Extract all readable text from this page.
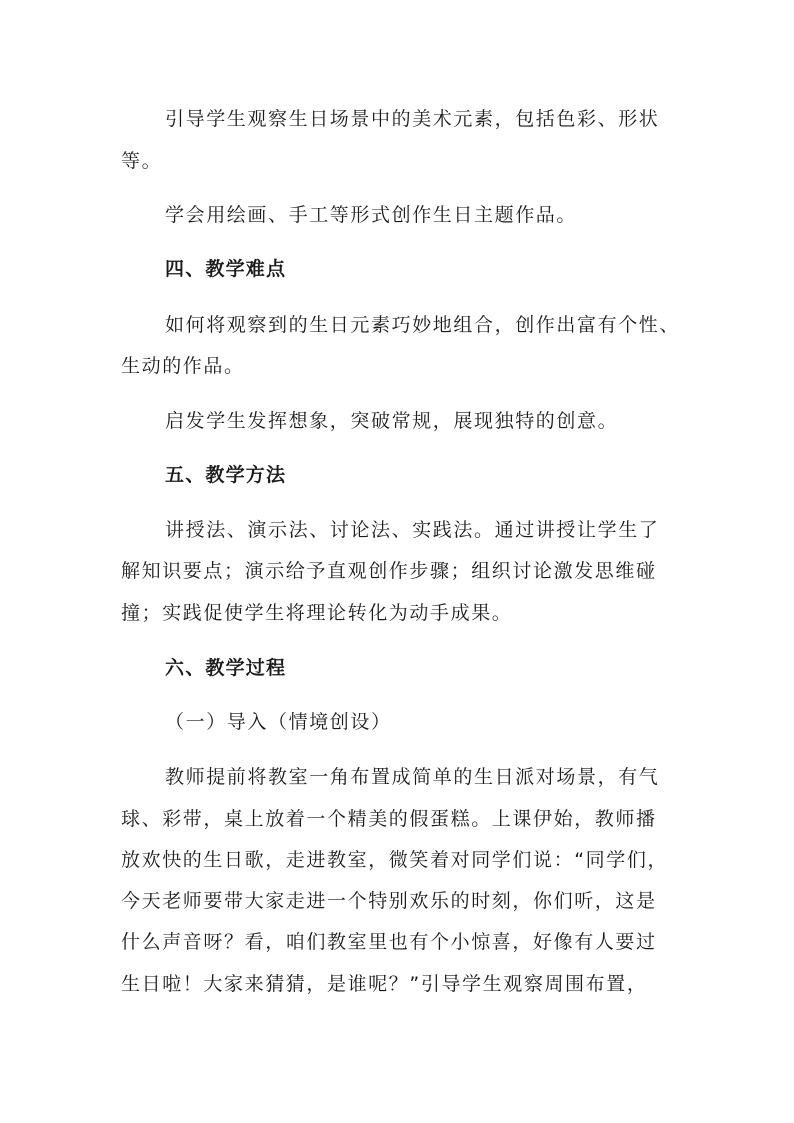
引导学生观察生日场景中的美术元素，包括色彩、形状
等。
学会用绘画、手工等形式创作生日主题作品。
四、教学难点
如何将观察到的生日元素巧妙地组合，创作出富有个性、
生动的作品。
启发学生发挥想象，突破常规，展现独特的创意。
五、教学方法
讲授法、演示法、讨论法、实践法。通过讲授让学生了
解知识要点；演示给予直观创作步骤；组织讨论激发思维碰
撞；实践促使学生将理论转化为动手成果。
六、教学过程
（一）导入（情境创设）
教师提前将教室一角布置成简单的生日派对场景，有气
球、彩带，桌上放着一个精美的假蛋糕。上课伊始，教师播
放欢快的生日歌，走进教室，微笑着对同学们说：“同学们，
今天老师要带大家走进一个特别欢乐的时刻，你们听，这是
什么声音呀？看，咱们教室里也有个小惊喜，好像有人要过
生日啦！大家来猜猜，是谁呢？”引导学生观察周围布置，
